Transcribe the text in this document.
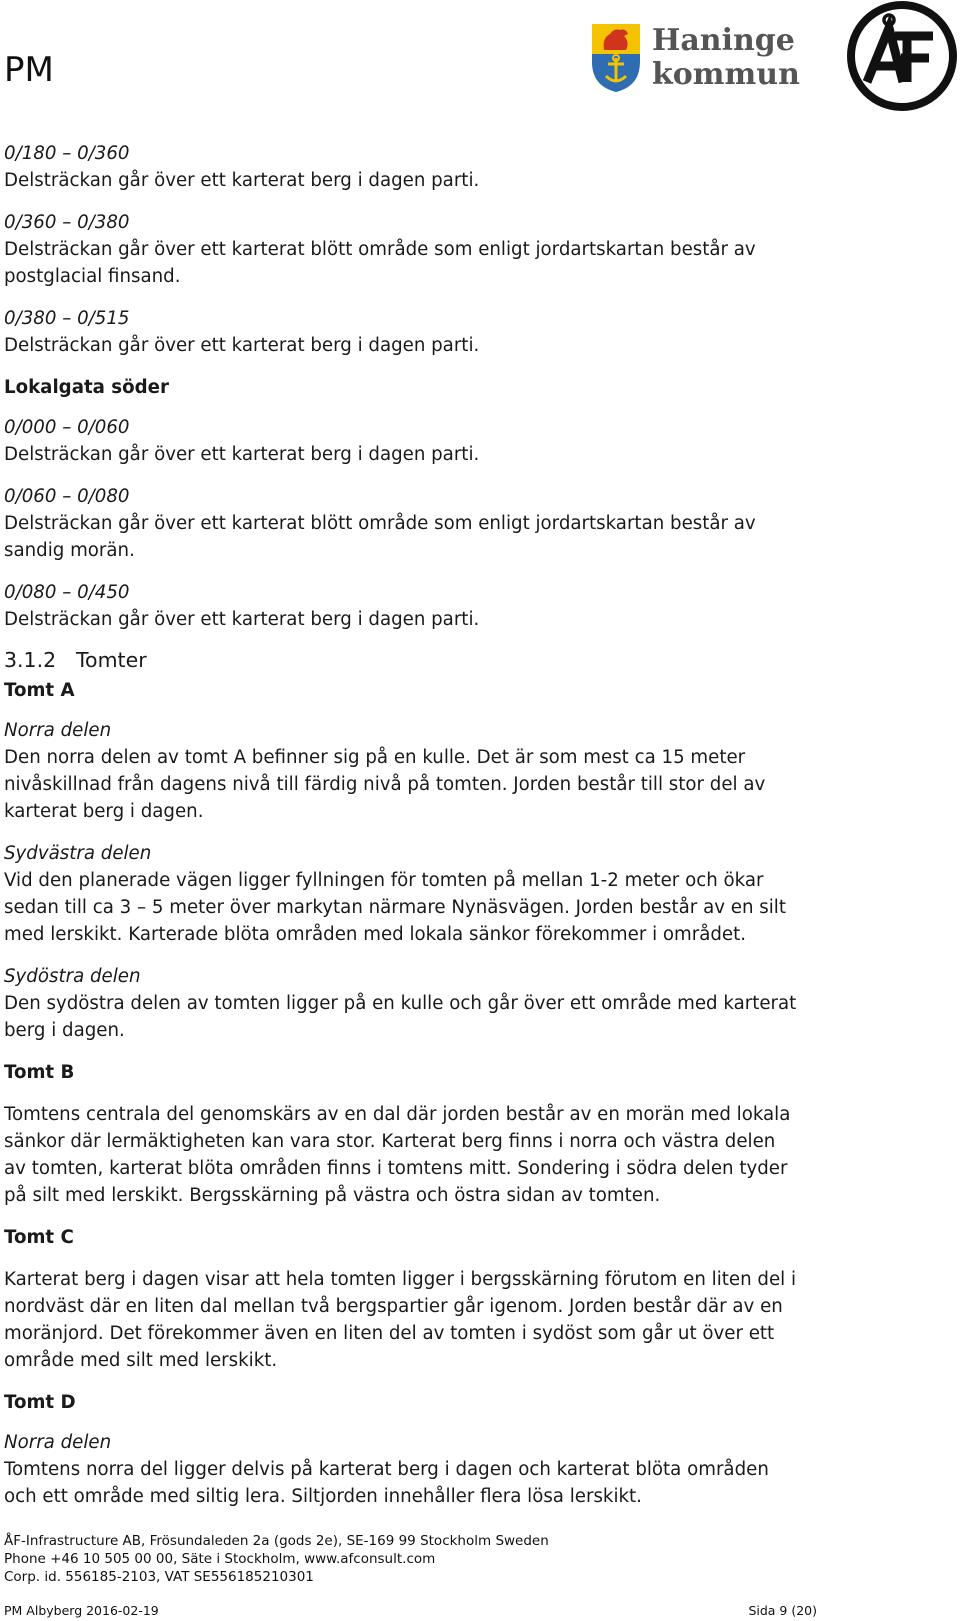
PM
Haninge
kommun

0/180 – 0/360

Delsträckan går över ett karterat berg i dagen parti.

0/360 – 0/380

Delsträckan går över ett karterat blött område som enligt jordartskartan består av

postglacial finsand.

0/380 – 0/515

Delsträckan går över ett karterat berg i dagen parti.

Lokalgata söder

0/000 – 0/060

Delsträckan går över ett karterat berg i dagen parti.

0/060 – 0/080

Delsträckan går över ett karterat blött område som enligt jordartskartan består av

sandig morän.

0/080 – 0/450

Delsträckan går över ett karterat berg i dagen parti.

3.1.2 Tomter

Tomt A

Norra delen

Den norra delen av tomt A befinner sig på en kulle. Det är som mest ca 15 meter

nivåskillnad från dagens nivå till färdig nivå på tomten. Jorden består till stor del av

karterat berg i dagen.

Sydvästra delen

Vid den planerade vägen ligger fyllningen för tomten på mellan 1-2 meter och ökar

sedan till ca 3 – 5 meter över markytan närmare Nynäsvägen. Jorden består av en silt

med lerskikt. Karterade blöta områden med lokala sänkor förekommer i området.

Sydöstra delen

Den sydöstra delen av tomten ligger på en kulle och går över ett område med karterat

berg i dagen.

Tomt B

Tomtens centrala del genomskärs av en dal där jorden består av en morän med lokala

sänkor där lermäktigheten kan vara stor. Karterat berg finns i norra och västra delen

av tomten, karterat blöta områden finns i tomtens mitt. Sondering i södra delen tyder

på silt med lerskikt. Bergsskärning på västra och östra sidan av tomten.

Tomt C

Karterat berg i dagen visar att hela tomten ligger i bergsskärning förutom en liten del i

nordväst där en liten dal mellan två bergspartier går igenom. Jorden består där av en

moränjord. Det förekommer även en liten del av tomten i sydöst som går ut över ett

område med silt med lerskikt.

Tomt D

Norra delen

Tomtens norra del ligger delvis på karterat berg i dagen och karterat blöta områden

och ett område med siltig lera. Siltjorden innehåller flera lösa lerskikt.

ÅF-Infrastructure AB, Frösundaleden 2a (gods 2e), SE-169 99 Stockholm Sweden
Phone +46 10 505 00 00, Säte i Stockholm, www.afconsult.com
Corp. id. 556185-2103, VAT SE556185210301
PM Albyberg 2016-02-19	Sida 9 (20)
